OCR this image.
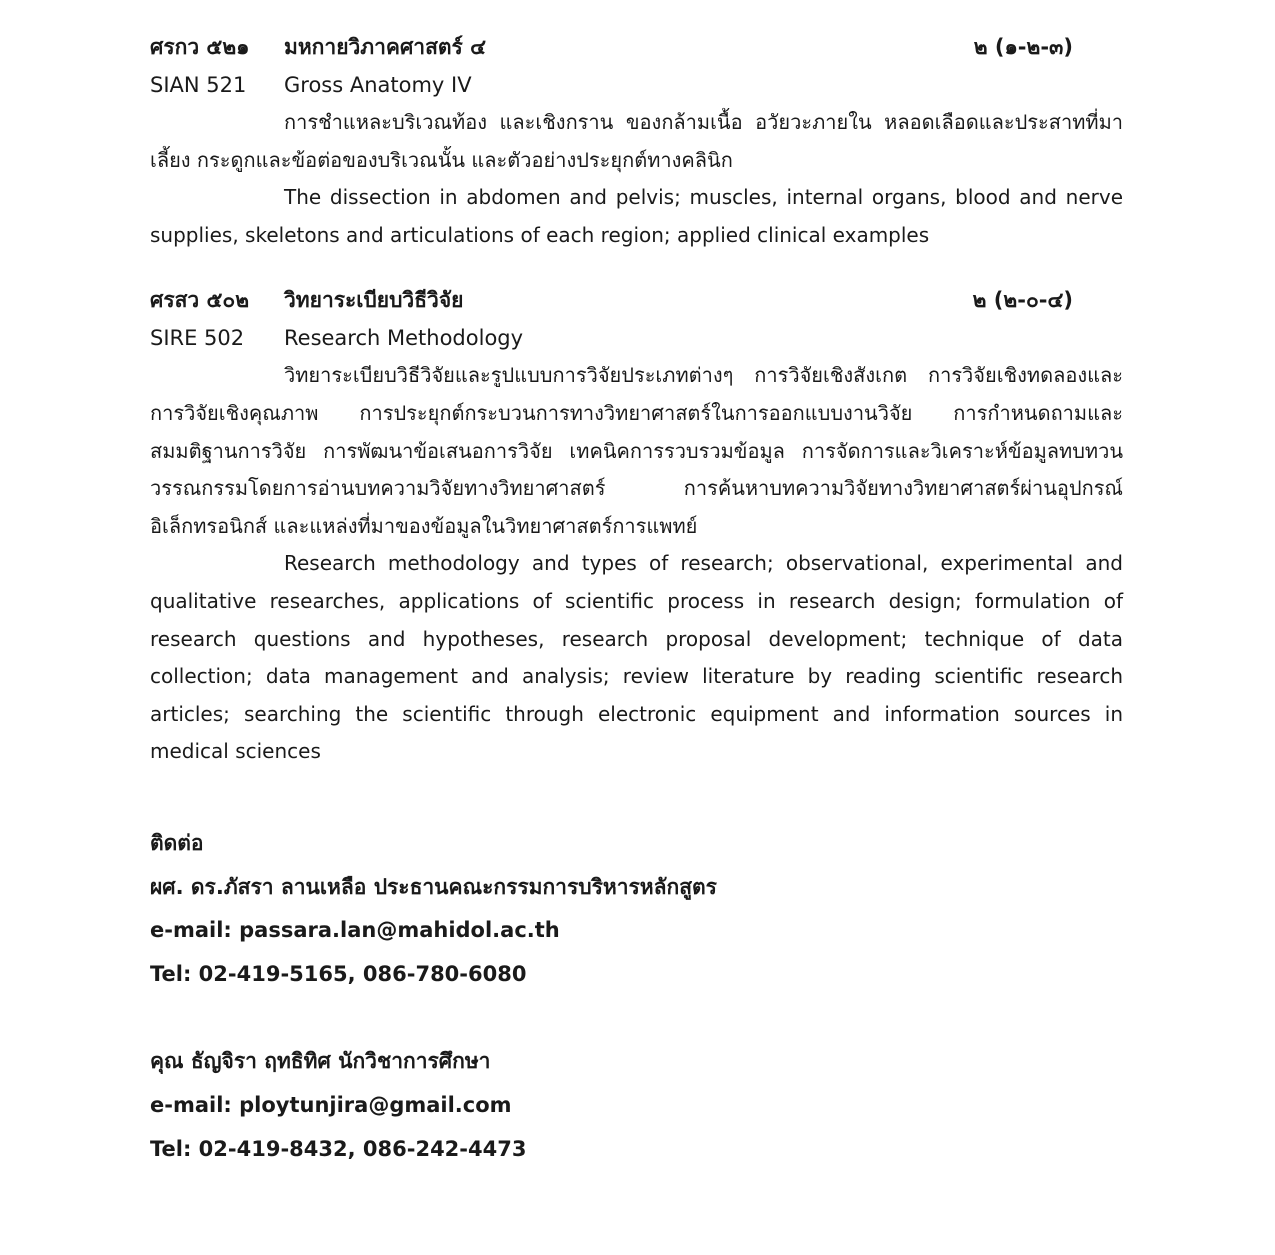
ศรกว ๕๒๑	มหกายวิภาคศาสตร์ ๔	๒ (๑-๒-๓)
SIAN 521	Gross Anatomy IV

การชำแหละบริเวณท้อง และเชิงกราน ของกล้ามเนื้อ อวัยวะภายใน หลอดเลือดและประสาทที่มาเลี้ยง กระดูกและข้อต่อของบริเวณนั้น และตัวอย่างประยุกต์ทางคลินิก

The dissection in abdomen and pelvis; muscles, internal organs, blood and nerve supplies, skeletons and articulations of each region; applied clinical examples

ศรสว ๕๐๒	วิทยาระเบียบวิธีวิจัย	๒ (๒-๐-๔)
SIRE 502	Research Methodology

วิทยาระเบียบวิธีวิจัยและรูปแบบการวิจัยประเภทต่างๆ การวิจัยเชิงสังเกต การวิจัยเชิงทดลองและการวิจัยเชิงคุณภาพ การประยุกต์กระบวนการทางวิทยาศาสตร์ในการออกแบบงานวิจัย การกำหนดถามและสมมติฐานการวิจัย การพัฒนาข้อเสนอการวิจัย เทคนิคการรวบรวมข้อมูล การจัดการและวิเคราะห์ข้อมูลทบทวนวรรณกรรมโดยการอ่านบทความวิจัยทางวิทยาศาสตร์ การค้นหาบทความวิจัยทางวิทยาศาสตร์ผ่านอุปกรณ์อิเล็กทรอนิกส์ และแหล่งที่มาของข้อมูลในวิทยาศาสตร์การแพทย์

Research methodology and types of research; observational, experimental and qualitative researches, applications of scientific process in research design; formulation of research questions and hypotheses, research proposal development; technique of data collection; data management and analysis; review literature by reading scientific research articles; searching the scientific through electronic equipment and information sources in medical sciences

ติดต่อ
ผศ. ดร.ภัสรา ลานเหลือ ประธานคณะกรรมการบริหารหลักสูตร
e-mail: passara.lan@mahidol.ac.th
Tel: 02-419-5165, 086-780-6080
คุณ ธัญจิรา ฤทธิทิศ นักวิชาการศึกษา
e-mail: ploytunjira@gmail.com
Tel: 02-419-8432, 086-242-4473
